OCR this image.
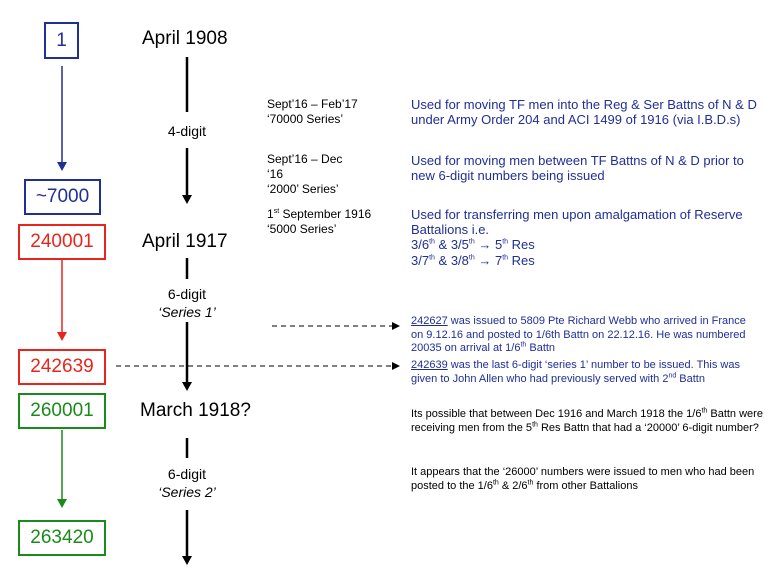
1
~7000
240001
242639
260001
263420
April 1908
April 1917
March 1918?
4-digit
6-digit
‘Series 1’
6-digit
‘Series 2’
Sept’16 – Feb’17
‘70000 Series’
Sept’16 – Dec
‘16
‘2000’ Series’
1st September 1916
‘5000 Series’
Used for moving TF men into the Reg & Ser Battns of N & D
under Army Order 204 and ACI 1499 of 1916 (via I.B.D.s)
Used for moving men between TF Battns of N & D prior to
new 6-digit numbers being issued
Used for transferring men upon amalgamation of Reserve
Battalions i.e.
3/6th & 3/5th → 5th Res
3/7th & 3/8th → 7th Res
242627 was issued to 5809 Pte Richard Webb who arrived in France on 9.12.16 and posted to 1/6th Battn on 22.12.16. He was numbered 20035 on arrival at 1/6th Battn
242639 was the last 6-digit ‘series 1’ number to be issued. This was given to John Allen who had previously served with 2nd Battn
Its possible that between Dec 1916 and March 1918 the 1/6th Battn were
receiving men from the 5th Res Battn that had a ‘20000’ 6-digit number?
It appears that the ‘26000’ numbers were issued to men who had been
posted to the 1/6th & 2/6th from other Battalions
